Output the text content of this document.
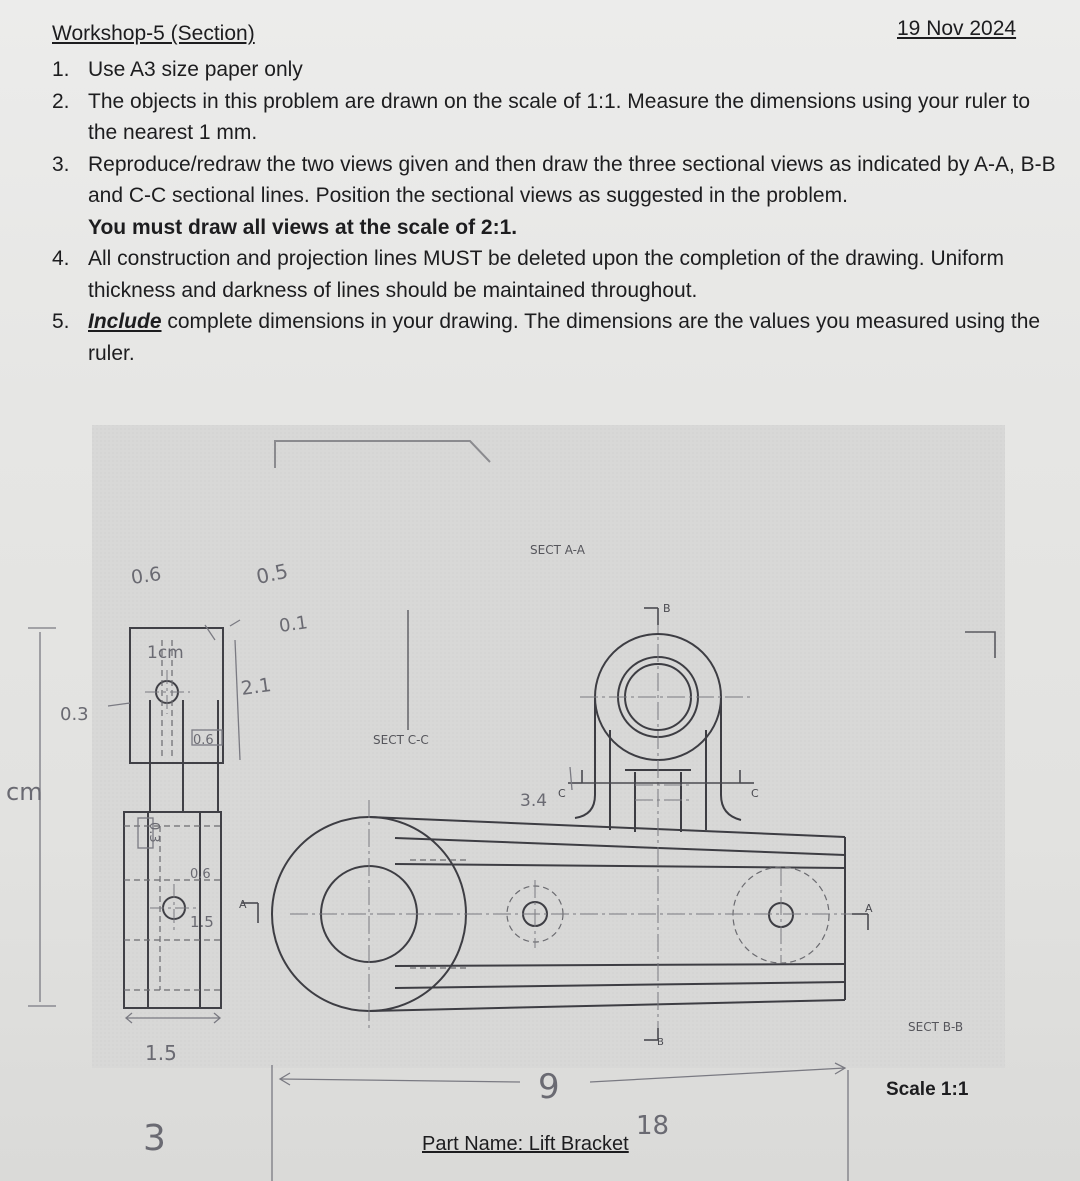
Workshop-5 (Section)	19 Nov 2024
1. Use A3 size paper only
2. The objects in this problem are drawn on the scale of 1:1. Measure the dimensions using your ruler to the nearest 1 mm.
3. Reproduce/redraw the two views given and then draw the three sectional views as indicated by A-A, B-B and C-C sectional lines. Position the sectional views as suggested in the problem.
You must draw all views at the scale of 2:1.
4. All construction and projection lines MUST be deleted upon the completion of the drawing. Uniform thickness and darkness of lines should be maintained throughout.
5. Include complete dimensions in your drawing. The dimensions are the values you measured using the ruler.
A
B
B
C	C
A
SECT A-A
SECT C-C
SECT B-B
0.6	0.5
0.1
1cm
2.1
0.3
0.6
0.3
0.6
1.5
1.5
3.4
cm
9
3	18
Scale 1:1
Part Name: Lift Bracket
